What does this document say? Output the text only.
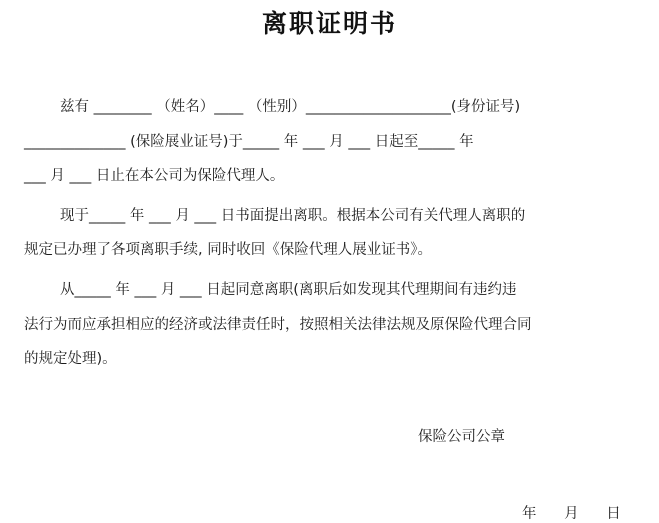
离职证明书
兹有 ________ （姓名）____ （性别）____________________(身份证号)
______________ (保险展业证号)于_____ 年 ___ 月 ___ 日起至_____ 年
___ 月 ___ 日止在本公司为保险代理人。
现于_____ 年 ___ 月 ___ 日书面提出离职。根据本公司有关代理人离职的
规定已办理了各项离职手续, 同时收回《保险代理人展业证书》。
从_____ 年 ___ 月 ___ 日起同意离职(离职后如发现其代理期间有违约违
法行为而应承担相应的经济或法律责任时，按照相关法律法规及原保险代理合同
的规定处理)。
保险公司公章
年      月      日
